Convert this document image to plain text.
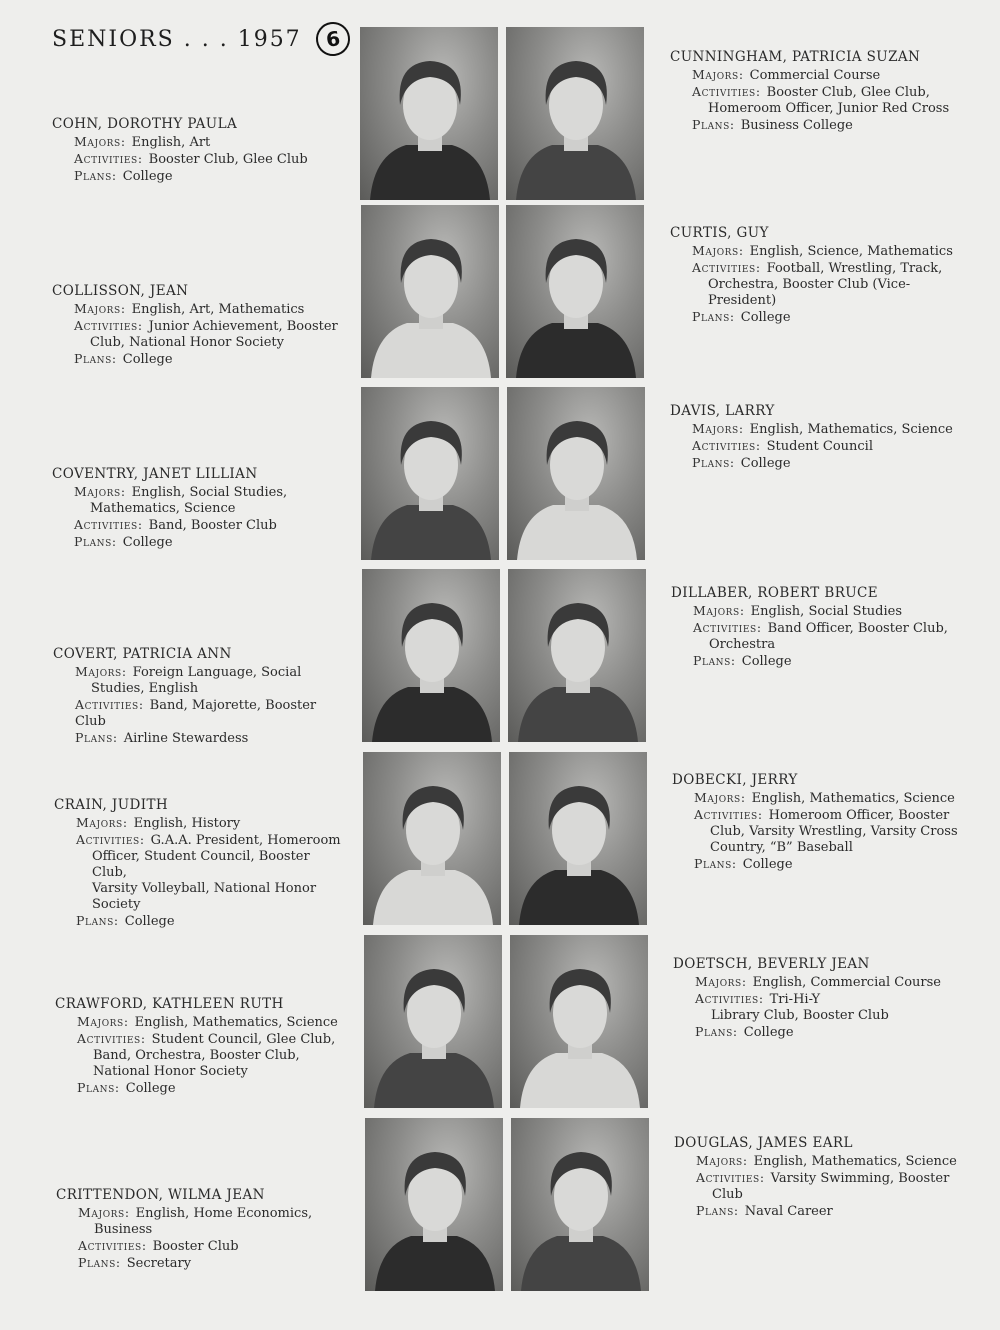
SENIORS . . . 1957	6
COHN, DOROTHY PAULA
Majors: English, Art
Activities: Booster Club, Glee Club
Plans: College
COLLISSON, JEAN
Majors: English, Art, Mathematics
Activities: Junior Achievement, Booster
Club, National Honor Society
Plans: College
COVENTRY, JANET LILLIAN
Majors: English, Social Studies,
Mathematics, Science
Activities: Band, Booster Club
Plans: College
COVERT, PATRICIA ANN
Majors: Foreign Language, Social
Studies, English
Activities: Band, Majorette, Booster Club
Plans: Airline Stewardess
CRAIN, JUDITH
Majors: English, History
Activities: G.A.A. President, Homeroom
Officer, Student Council, Booster Club,
Varsity Volleyball, National Honor
Society
Plans: College
CRAWFORD, KATHLEEN RUTH
Majors: English, Mathematics, Science
Activities: Student Council, Glee Club,
Band, Orchestra, Booster Club,
National Honor Society
Plans: College
CRITTENDON, WILMA JEAN
Majors: English, Home Economics,
Business
Activities: Booster Club
Plans: Secretary
CUNNINGHAM, PATRICIA SUZAN
Majors: Commercial Course
Activities: Booster Club, Glee Club,
Homeroom Officer, Junior Red Cross
Plans: Business College
CURTIS, GUY
Majors: English, Science, Mathematics
Activities: Football, Wrestling, Track,
Orchestra, Booster Club (Vice-President)
Plans: College
DAVIS, LARRY
Majors: English, Mathematics, Science
Activities: Student Council
Plans: College
DILLABER, ROBERT BRUCE
Majors: English, Social Studies
Activities: Band Officer, Booster Club,
Orchestra
Plans: College
DOBECKI, JERRY
Majors: English, Mathematics, Science
Activities: Homeroom Officer, Booster
Club, Varsity Wrestling, Varsity Cross
Country, “B” Baseball
Plans: College
DOETSCH, BEVERLY JEAN
Majors: English, Commercial Course
Activities: Tri-Hi-Y
Library Club, Booster Club
Plans: College
DOUGLAS, JAMES EARL
Majors: English, Mathematics, Science
Activities: Varsity Swimming, Booster
Club
Plans: Naval Career
